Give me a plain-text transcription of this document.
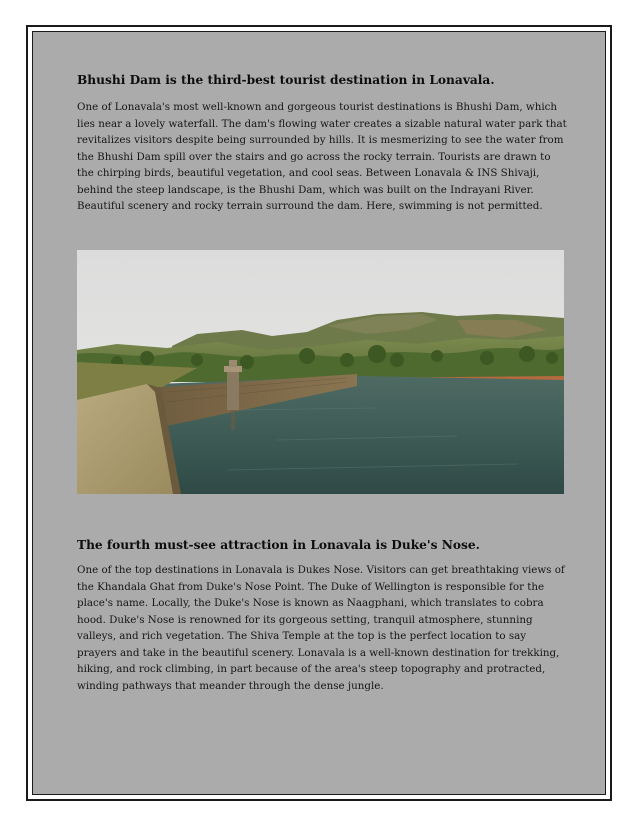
Bhushi Dam is the third-best tourist destination in Lonavala.

One of Lonavala's most well-known and gorgeous tourist destinations is Bhushi Dam, which lies near a lovely waterfall. The dam's flowing water creates a sizable natural water park that revitalizes visitors despite being surrounded by hills. It is mesmerizing to see the water from the Bhushi Dam spill over the stairs and go across the rocky terrain. Tourists are drawn to the chirping birds, beautiful vegetation, and cool seas. Between Lonavala & INS Shivaji, behind the steep landscape, is the Bhushi Dam, which was built on the Indrayani River. Beautiful scenery and rocky terrain surround the dam. Here, swimming is not permitted.

The fourth must-see attraction in Lonavala is Duke's Nose.

One of the top destinations in Lonavala is Dukes Nose. Visitors can get breathtaking views of the Khandala Ghat from Duke's Nose Point. The Duke of Wellington is responsible for the place's name. Locally, the Duke's Nose is known as Naagphani, which translates to cobra hood. Duke's Nose is renowned for its gorgeous setting, tranquil atmosphere, stunning valleys, and rich vegetation. The Shiva Temple at the top is the perfect location to say prayers and take in the beautiful scenery. Lonavala is a well-known destination for trekking, hiking, and rock climbing, in part because of the area's steep topography and protracted, winding pathways that meander through the dense jungle.
